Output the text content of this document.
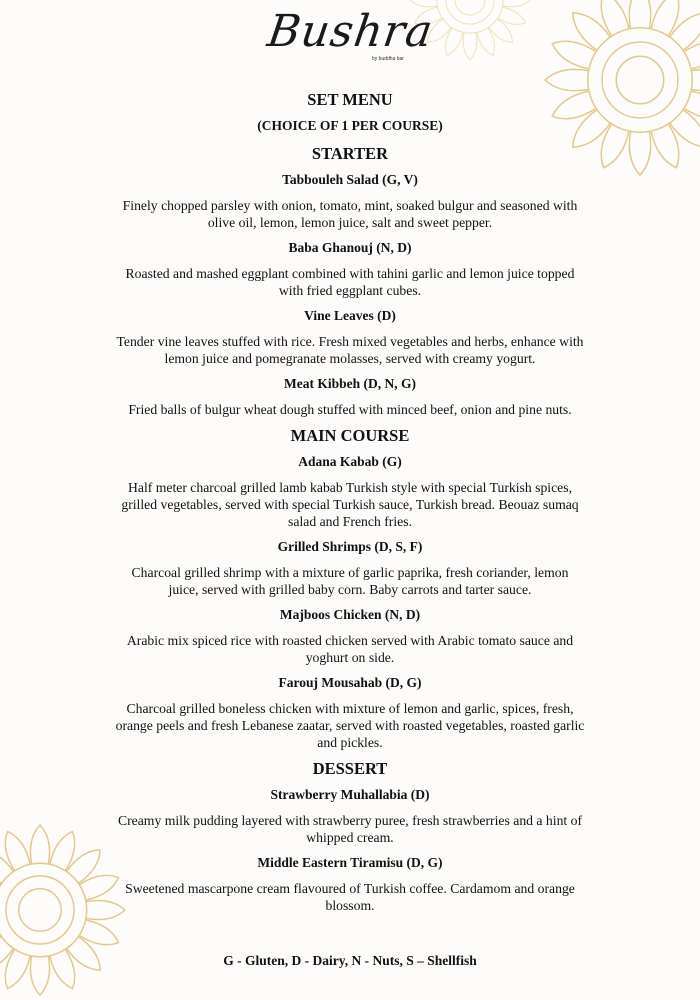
Bushra
by buddha bar
SET MENU
(CHOICE OF 1 PER COURSE)
STARTER
Tabbouleh Salad (G, V)
Finely chopped parsley with onion, tomato, mint, soaked bulgur and seasoned with
olive oil, lemon, lemon juice, salt and sweet pepper.
Baba Ghanouj (N, D)
Roasted and mashed eggplant combined with tahini garlic and lemon juice topped
with fried eggplant cubes.
Vine Leaves (D)
Tender vine leaves stuffed with rice. Fresh mixed vegetables and herbs, enhance with
lemon juice and pomegranate molasses, served with creamy yogurt.
Meat Kibbeh (D, N, G)
Fried balls of bulgur wheat dough stuffed with minced beef, onion and pine nuts.
MAIN COURSE
Adana Kabab (G)
Half meter charcoal grilled lamb kabab Turkish style with special Turkish spices,
grilled vegetables, served with special Turkish sauce, Turkish bread. Beouaz sumaq
salad and French fries.
Grilled Shrimps (D, S, F)
Charcoal grilled shrimp with a mixture of garlic paprika, fresh coriander, lemon
juice, served with grilled baby corn. Baby carrots and tarter sauce.
Majboos Chicken (N, D)
Arabic mix spiced rice with roasted chicken served with Arabic tomato sauce and
yoghurt on side.
Farouj Mousahab (D, G)
Charcoal grilled boneless chicken with mixture of lemon and garlic, spices, fresh,
orange peels and fresh Lebanese zaatar, served with roasted vegetables, roasted garlic
and pickles.
DESSERT
Strawberry Muhallabia (D)
Creamy milk pudding layered with strawberry puree, fresh strawberries and a hint of
whipped cream.
Middle Eastern Tiramisu (D, G)
Sweetened mascarpone cream flavoured of Turkish coffee. Cardamom and orange
blossom.
G - Gluten, D - Dairy, N - Nuts, S – Shellfish
